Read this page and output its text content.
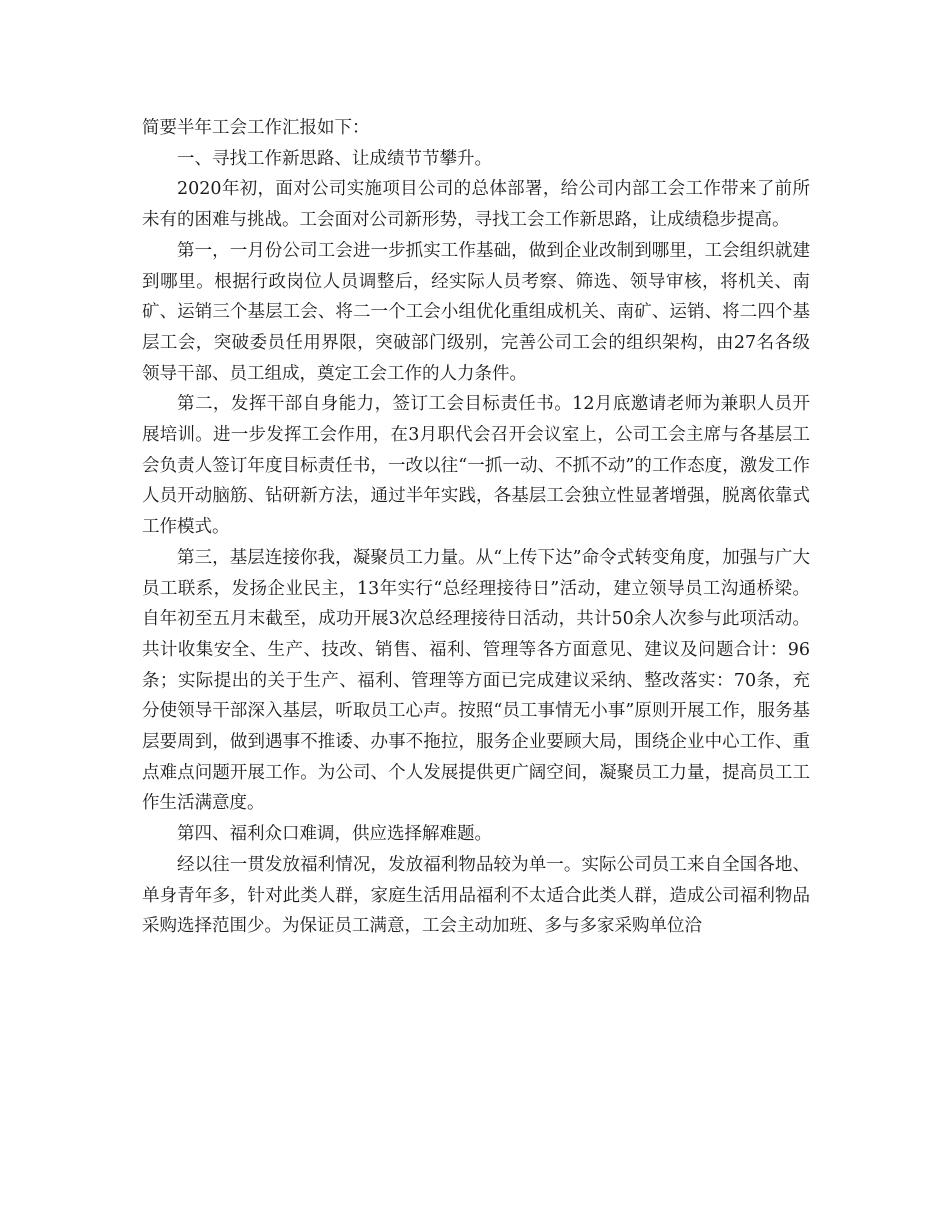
简要半年工会工作汇报如下：

一、寻找工作新思路、让成绩节节攀升。

2020年初，面对公司实施项目公司的总体部署，给公司内部工会工作带来了前所未有的困难与挑战。工会面对公司新形势，寻找工会工作新思路，让成绩稳步提高。

第一，一月份公司工会进一步抓实工作基础，做到企业改制到哪里，工会组织就建到哪里。根据行政岗位人员调整后，经实际人员考察、筛选、领导审核，将机关、南矿、运销三个基层工会、将二一个工会小组优化重组成机关、南矿、运销、将二四个基层工会，突破委员任用界限，突破部门级别，完善公司工会的组织架构，由27名各级领导干部、员工组成，奠定工会工作的人力条件。

第二，发挥干部自身能力，签订工会目标责任书。12月底邀请老师为兼职人员开展培训。进一步发挥工会作用，在3月职代会召开会议室上，公司工会主席与各基层工会负责人签订年度目标责任书，一改以往“一抓一动、不抓不动”的工作态度，激发工作人员开动脑筋、钻研新方法，通过半年实践，各基层工会独立性显著增强，脱离依靠式工作模式。

第三，基层连接你我，凝聚员工力量。从“上传下达”命令式转变角度，加强与广大员工联系，发扬企业民主，13年实行“总经理接待日”活动，建立领导员工沟通桥梁。自年初至五月末截至，成功开展3次总经理接待日活动，共计50余人次参与此项活动。共计收集安全、生产、技改、销售、福利、管理等各方面意见、建议及问题合计：96条；实际提出的关于生产、福利、管理等方面已完成建议采纳、整改落实：70条，充分使领导干部深入基层，听取员工心声。按照“员工事情无小事”原则开展工作，服务基层要周到，做到遇事不推诿、办事不拖拉，服务企业要顾大局，围绕企业中心工作、重点难点问题开展工作。为公司、个人发展提供更广阔空间，凝聚员工力量，提高员工工作生活满意度。

第四、福利众口难调，供应选择解难题。

经以往一贯发放福利情况，发放福利物品较为单一。实际公司员工来自全国各地、单身青年多，针对此类人群，家庭生活用品福利不太适合此类人群，造成公司福利物品采购选择范围少。为保证员工满意，工会主动加班、多与多家采购单位洽
